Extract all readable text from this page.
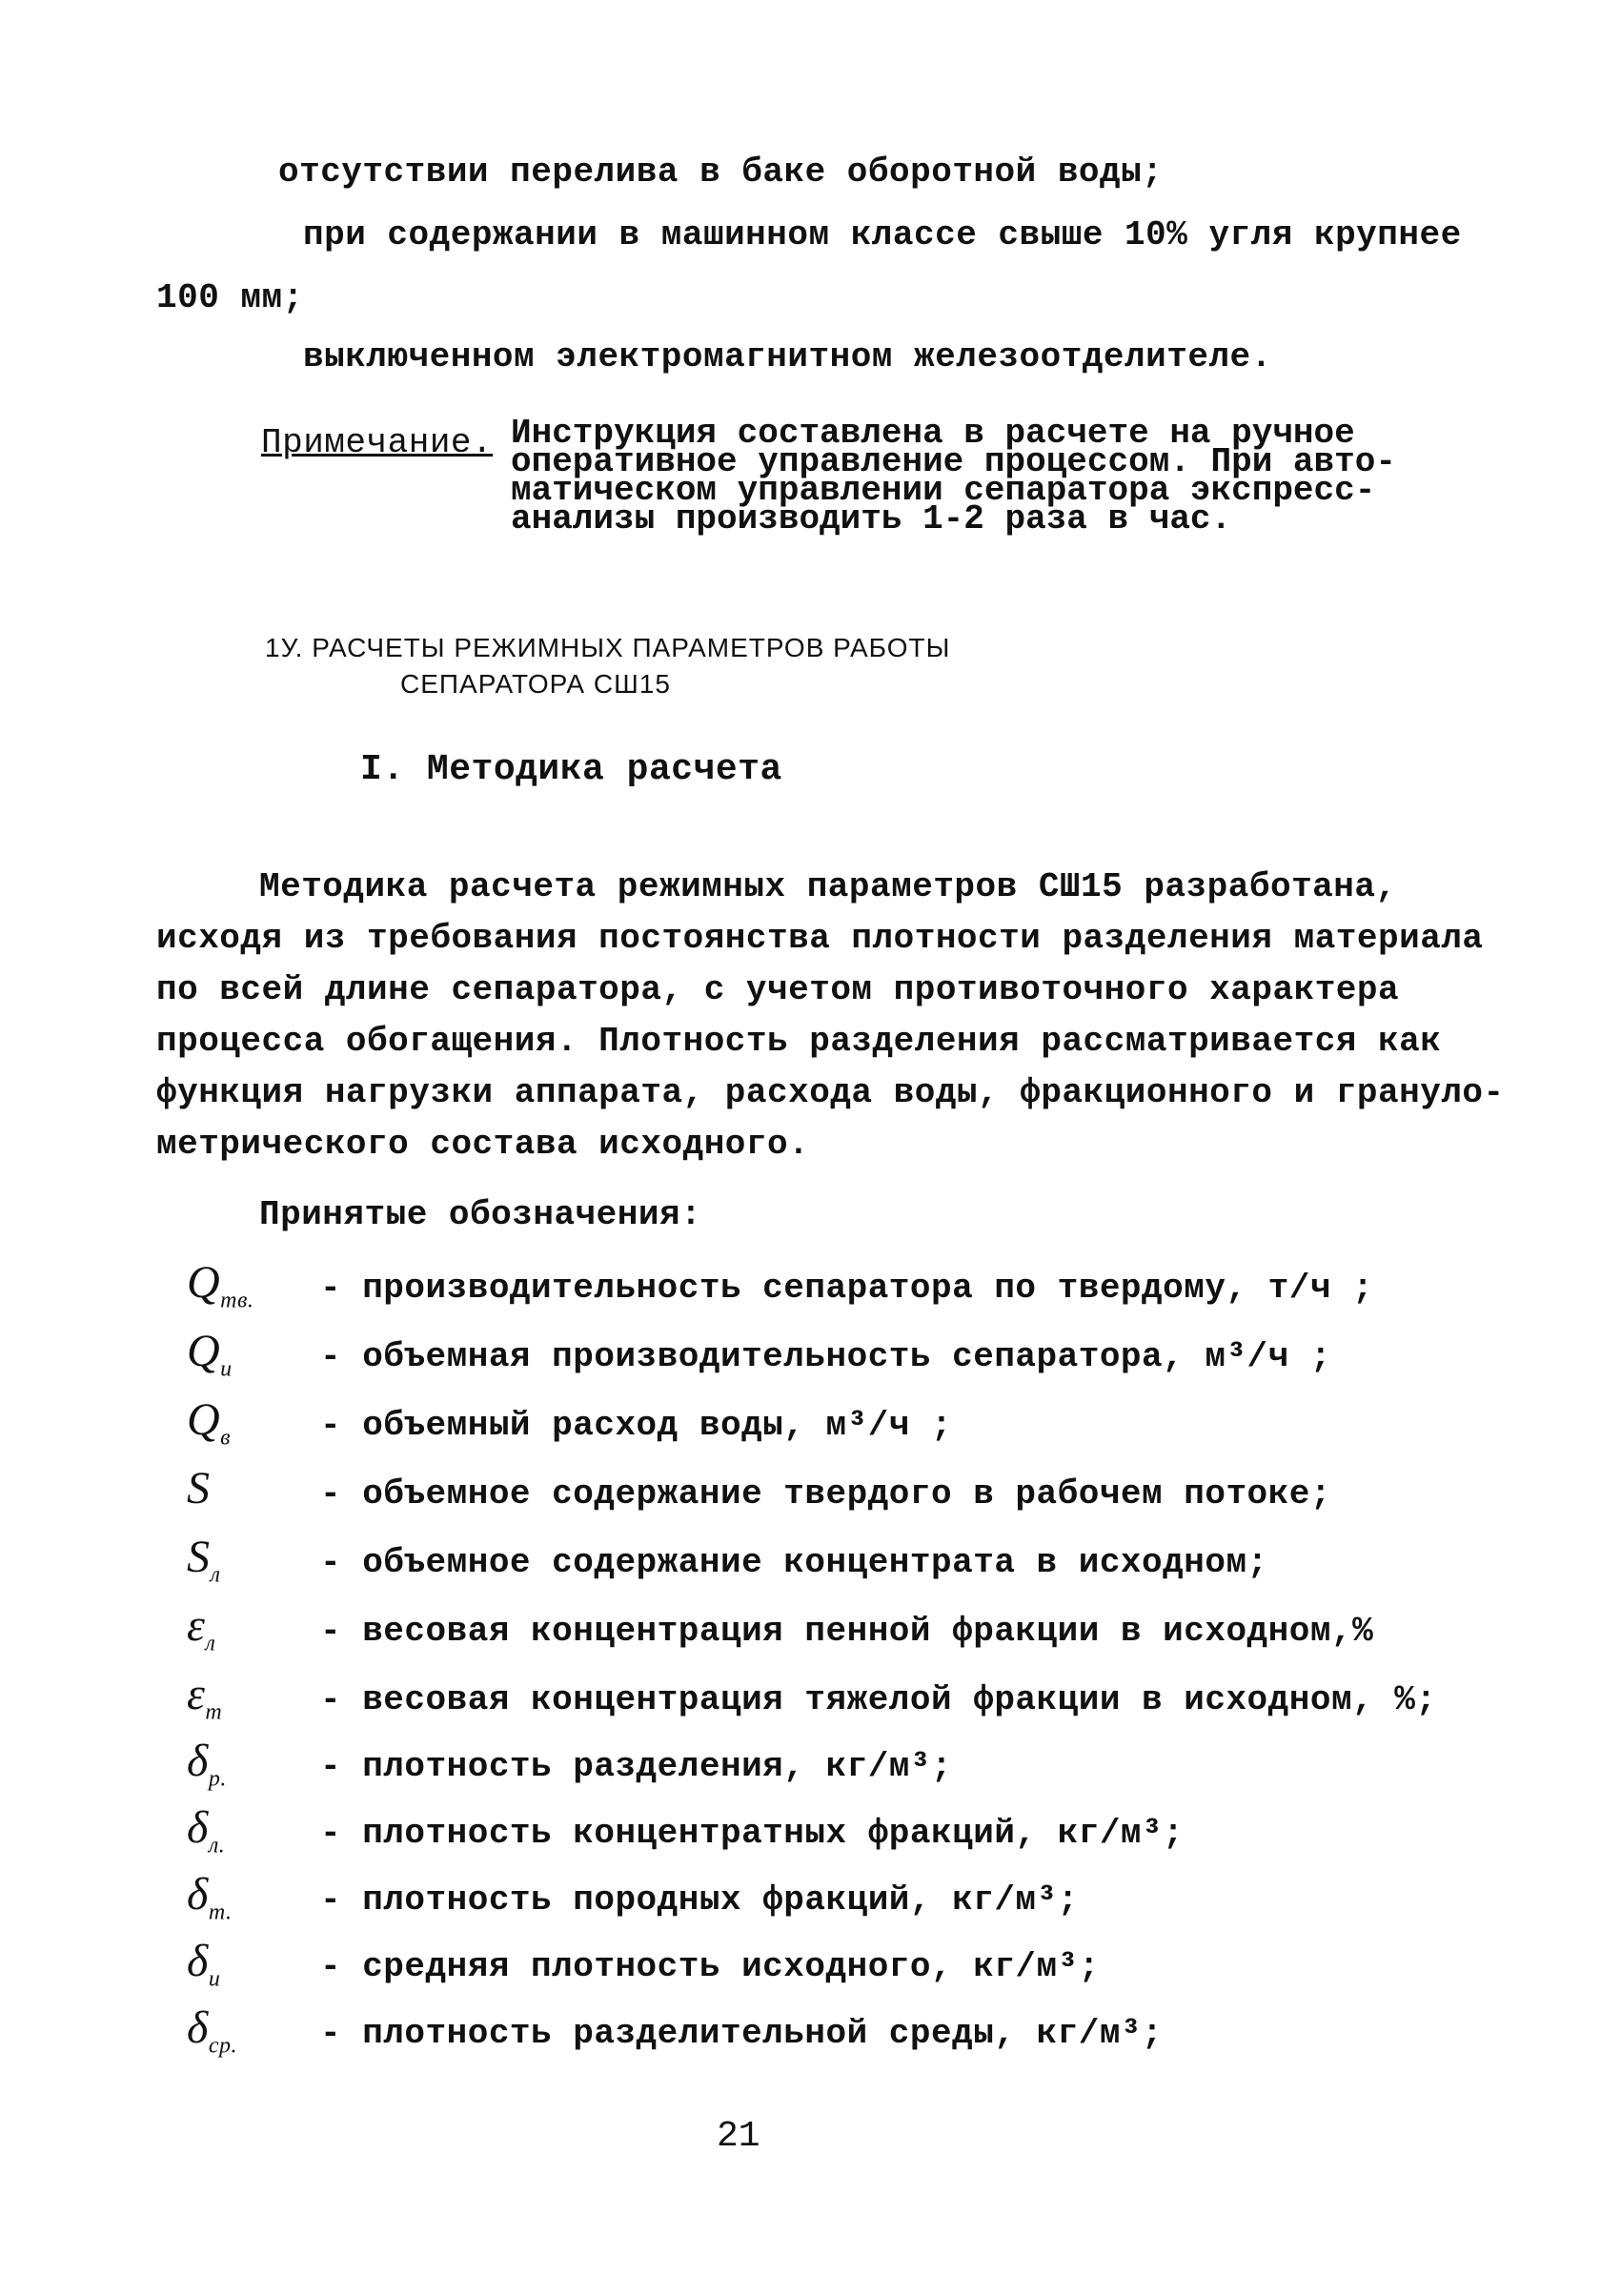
отсутствии перелива в баке оборотной воды;
при содержании в машинном классе свыше 10% угля крупнее
100 мм;
выключенном электромагнитном железоотделителе.
Примечание. Инструкция составлена в расчете на ручное
оперативное управление процессом. При авто-
матическом управлении сепаратора экспресс-
анализы производить 1-2 раза в час.
1У. РАСЧЕТЫ РЕЖИМНЫХ ПАРАМЕТРОВ РАБОТЫ
СЕПАРАТОРА СШ15
I. Методика расчета
Методика расчета режимных параметров СШ15 разработана,
исходя из требования постоянства плотности разделения материала
по всей длине сепаратора, с учетом противоточного характера
процесса обогащения. Плотность разделения рассматривается как
функция нагрузки аппарата, расхода воды, фракционного и грануло-
метрического состава исходного.
Принятые обозначения:
$Q_{тв.}$ - производительность сепаратора по твердому, т/ч ;
$Q_и$	- объемная производительность сепаратора, м³/ч ;
$Q_в$	- объемный расход воды, м³/ч ;
S	- объемное содержание твердого в рабочем потоке;
$S_л$	- объемное содержание концентрата в исходном;
$\varepsilon_л$	- весовая концентрация пенной фракции в исходном,%
$\varepsilon_т$	- весовая концентрация тяжелой фракции в исходном, %;
$\delta_{р.}$	- плотность разделения, кг/м³;
$\delta_{л.}$	- плотность концентратных фракций, кг/м³;
$\delta_{т.}$	- плотность породных фракций, кг/м³;
$\delta_и$	- средняя плотность исходного, кг/м³;
$\delta_{ср.}$ - плотность разделительной среды, кг/м³;
21
